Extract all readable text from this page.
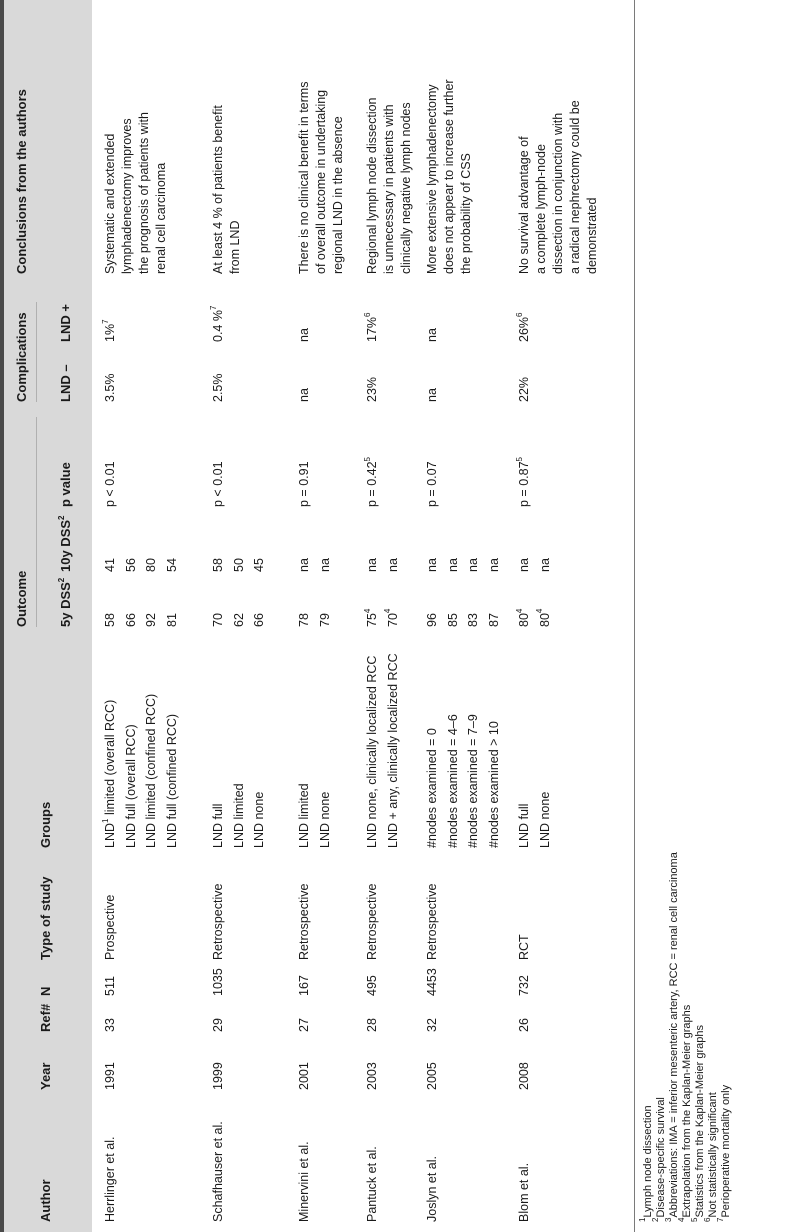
Author
Year
Ref#
N
Type of study
Groups
Outcome
Complications
Conclusions from the authors
5y DSS$^2$
10y DSS$^2$
p value
LND –
LND +
Herrlinger et al.
1991
33
511
Prospective
LND$^1$ limited (overall RCC)
58
41
p < 0.01
3.5%
1%$^7$
LND full (overall RCC)
66
56
LND limited (confined RCC)
92
80
LND full (confined RCC)
81
54
Systematic and extended lymphadenectomy improves the prognosis of patients with renal cell carcinoma
Schafhauser et al.
1999
29
1035
Retrospective
LND full
70
58
p < 0.01
2.5%
0.4 %$^7$
LND limited
62
50
LND none
66
45
At least 4 % of patients benefit from LND
Minervini et al.
2001
27
167
Retrospective
LND limited
78
na
p = 0.91
na
na
LND none
79
na
There is no clinical benefit in terms of overall outcome in undertaking regional LND in the absence
Pantuck et al.
2003
28
495
Retrospective
LND none, clinically localized RCC
$75^4$
na
$p = 0.42^5$
23%
17%$^6$
LND + any, clinically localized RCC
$70^4$
na
Regional lymph node dissection is unnecessary in patients with clinically negative lymph nodes
Joslyn et al.
2005
32
4453
Retrospective
#nodes examined = 0
96
na
p = 0.07
na
na
#nodes examined = 4–6
85
na
#nodes examined = 7–9
83
na
#nodes examined > 10
87
na
More extensive lymphadenectomy does not appear to increase further the probability of CSS
Blom et al.
2008
26
732
RCT
LND full
$80^4$
na
$p = 0.87^5$
22%
26%$^6$
LND none
$80^4$
na
No survival advantage of a complete lymph-node dissection in conjunction with a radical nephrectomy could be demonstrated
$^1$Lymph node dissection
$^2$Disease-specific survival
$^3$Abbreviations: IMA = inferior mesenteric artery, RCC = renal cell carcinoma
$^4$Extrapolation from the Kaplan-Meier graphs
$^5$Statistics from the Kaplan-Meier graphs
$^6$Not statistically significant
$^7$Perioperative mortality only
